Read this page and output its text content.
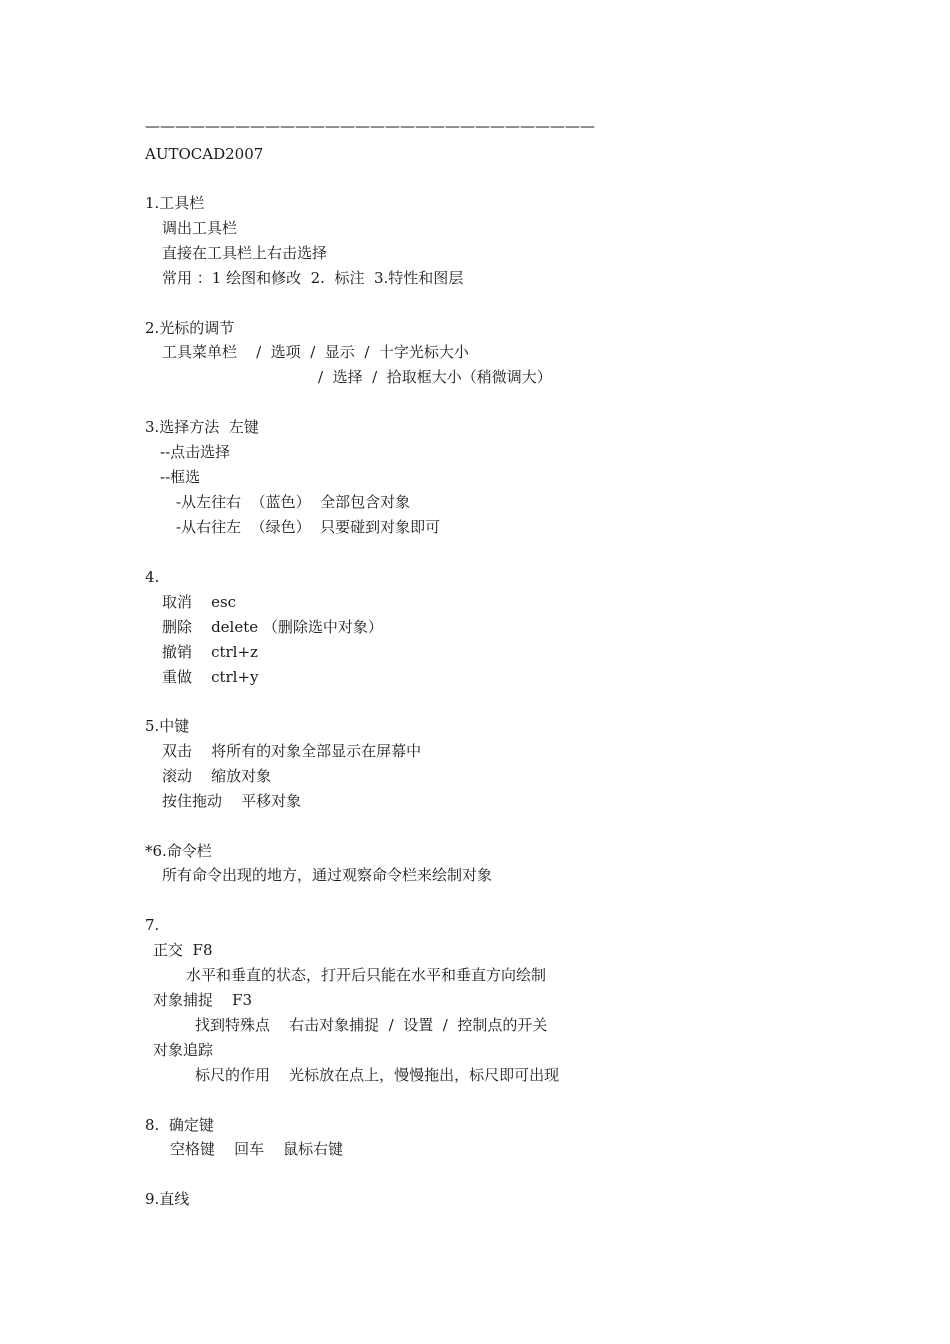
——————————————————————————————
AUTOCAD2007
1.工具栏
调出工具栏
直接在工具栏上右击选择
常用 ：1 绘图和修改  2.  标注  3.特性和图层
2.光标的调节
工具菜单栏    /  选项  /  显示  /  十字光标大小
/  选择  /  拾取框大小（稍微调大）
3.选择方法  左键
--点击选择
--框选
-从左往右  （蓝色）  全部包含对象
-从右往左  （绿色）  只要碰到对象即可
4.
取消    esc
删除    delete （删除选中对象）
撤销    ctrl+z
重做    ctrl+y
5.中键
双击    将所有的对象全部显示在屏幕中
滚动    缩放对象
按住拖动    平移对象
*6.命令栏
所有命令出现的地方，通过观察命令栏来绘制对象
7.
正交  F8
水平和垂直的状态，打开后只能在水平和垂直方向绘制
对象捕捉    F3
找到特殊点    右击对象捕捉  /  设置  /  控制点的开关
对象追踪
标尺的作用    光标放在点上，慢慢拖出，标尺即可出现
8.  确定键
空格键    回车    鼠标右键
9.直线
